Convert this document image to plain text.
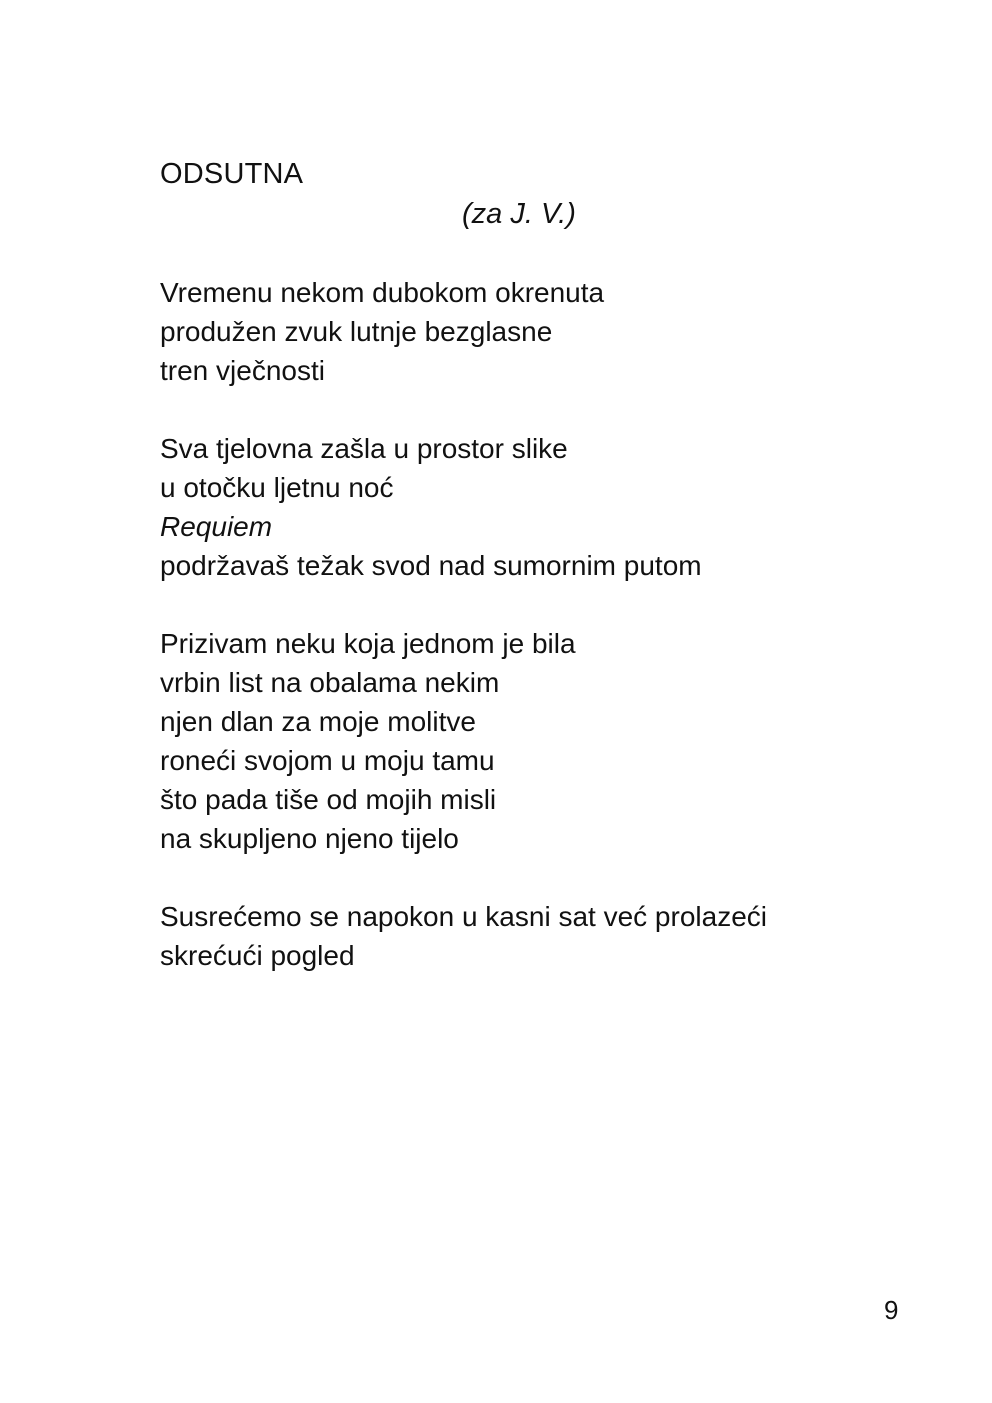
ODSUTNA
(za J. V.)
Vremenu nekom dubokom okrenuta
produžen zvuk lutnje bezglasne
tren vječnosti
Sva tjelovna zašla u prostor slike
u otočku ljetnu noć
Requiem
podržavaš težak svod nad sumornim putom
Prizivam neku koja jednom je bila
vrbin list na obalama nekim
njen dlan za moje molitve
roneći svojom u moju tamu
što pada tiše od mojih misli
na skupljeno njeno tijelo
Susrećemo se napokon u kasni sat već prolazeći
skrećući pogled
9
